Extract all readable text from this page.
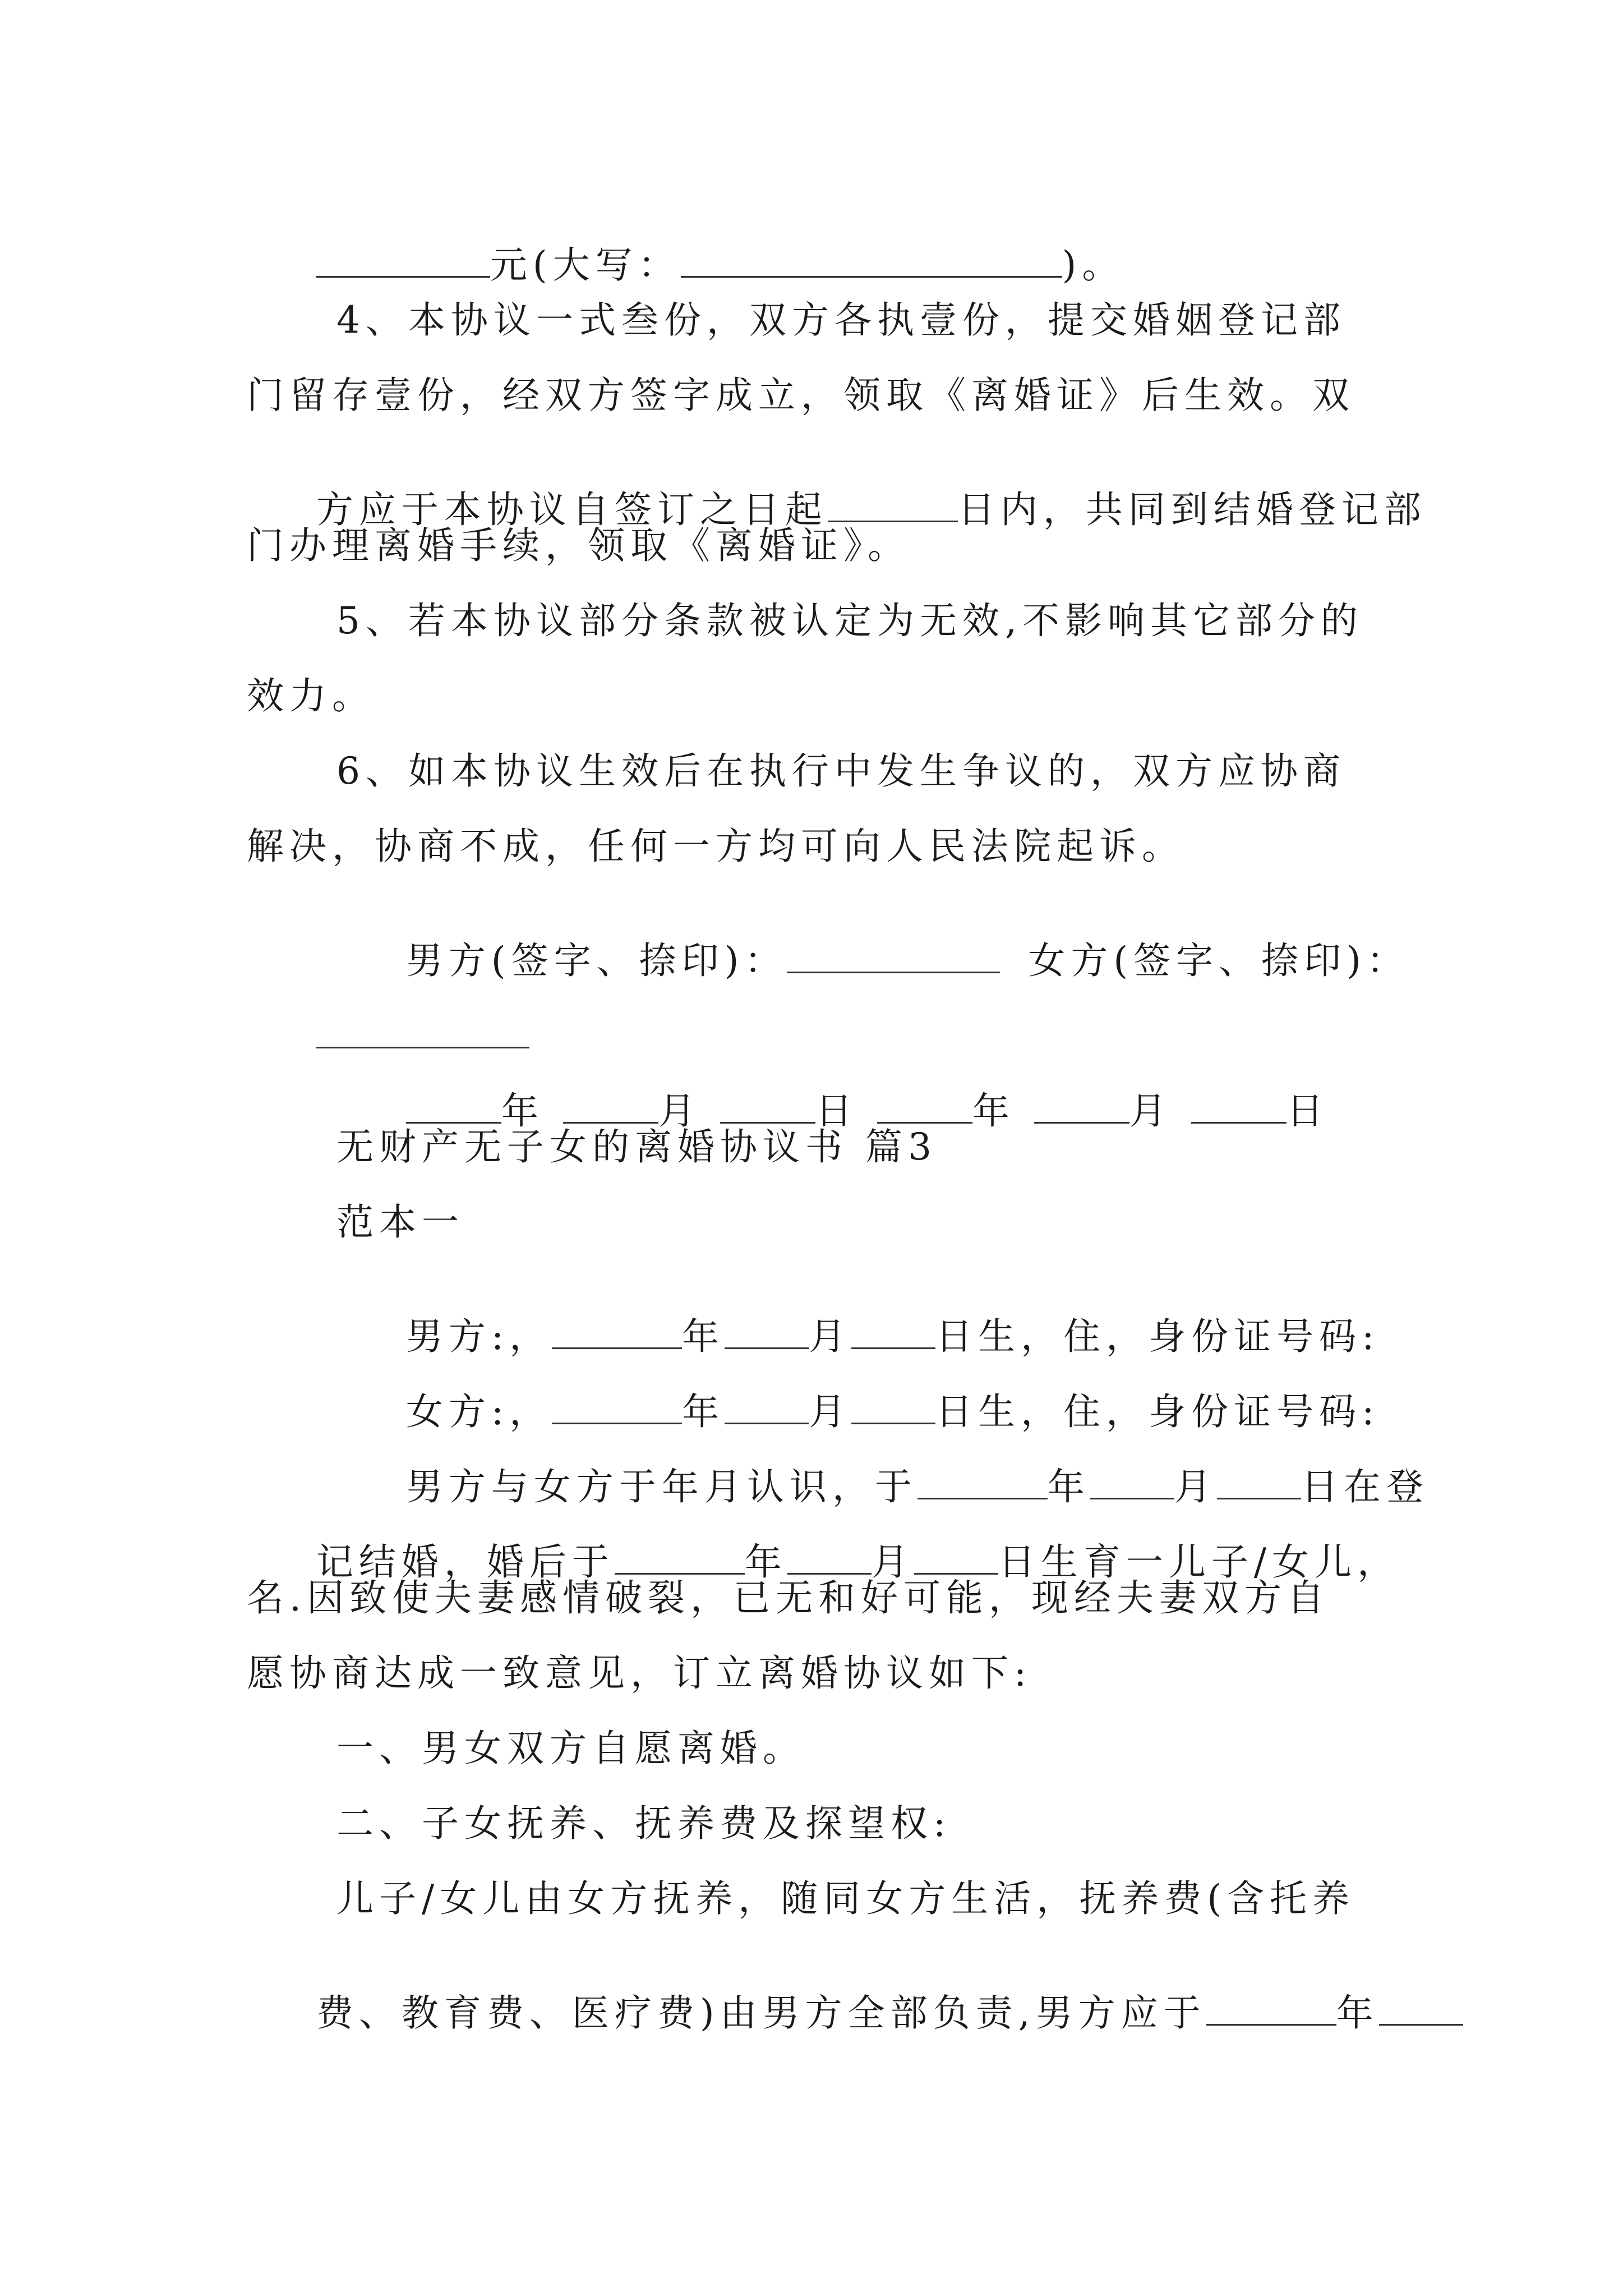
元(大写：	)。

4、本协议一式叁份，双方各执壹份，提交婚姻登记部
门留存壹份，经双方签字成立，领取《离婚证》后生效。双

方应于本协议自签订之日起	日内，共同到结婚登记部

门办理离婚手续，领取《离婚证》。
5、若本协议部分条款被认定为无效,不影响其它部分的
效力。
6、如本协议生效后在执行中发生争议的，双方应协商
解决，协商不成，任何一方均可向人民法院起诉。

男方(签字、捺印)：	女方(签字、捺印)：

年	月	日	年	月	日

无财产无子女的离婚协议书 篇3
范本一

男方:，	年 月 日生，住，身份证号码:

女方:，	年 月 日生，住，身份证号码:

男方与女方于年月认识，于	年 月 日在登

记结婚，婚后于	年 月 日生育一儿子/女儿，

名.因致使夫妻感情破裂，已无和好可能，现经夫妻双方自
愿协商达成一致意见，订立离婚协议如下:
一、男女双方自愿离婚。
二、子女抚养、抚养费及探望权:
儿子/女儿由女方抚养，随同女方生活，抚养费(含托养

费、教育费、医疗费)由男方全部负责,男方应于	年
